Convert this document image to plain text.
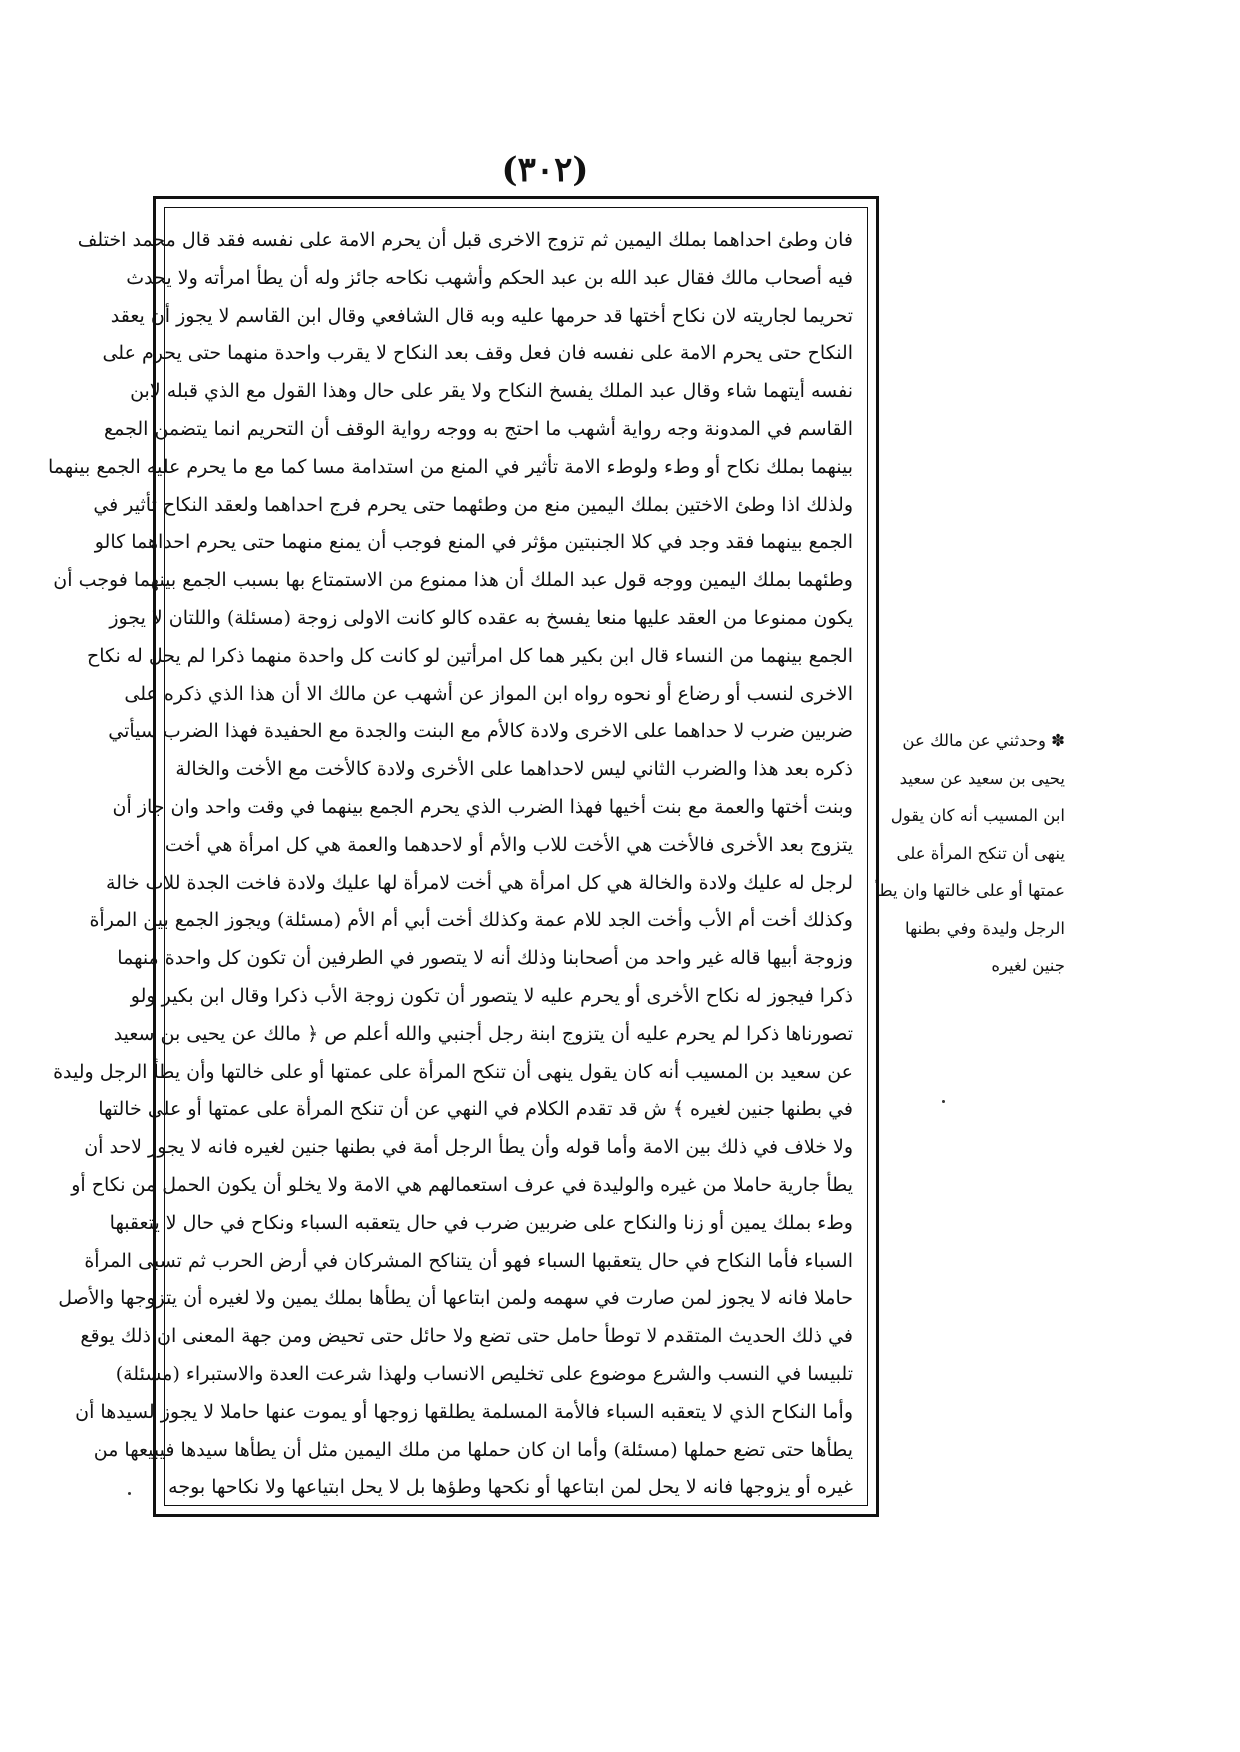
(٣٠٢)
فان وطئ احداهما بملك اليمين ثم تزوج الاخرى قبل أن يحرم الامة على نفسه فقد قال محمد اختلف
فيه أصحاب مالك فقال عبد الله بن عبد الحكم وأشهب نكاحه جائز وله أن يطأ امرأته ولا يحدث
تحريما لجاريته لان نكاح أختها قد حرمها عليه وبه قال الشافعي وقال ابن القاسم لا يجوز أن يعقد
النكاح حتى يحرم الامة على نفسه فان فعل وقف بعد النكاح لا يقرب واحدة منهما حتى يحرم على
نفسه أيتهما شاء وقال عبد الملك يفسخ النكاح ولا يقر على حال وهذا القول مع الذي قبله لابن
القاسم في المدونة وجه رواية أشهب ما احتج به ووجه رواية الوقف أن التحريم انما يتضمن الجمع
بينهما بملك نكاح أو وطء ولوطء الامة تأثير في المنع من استدامة مسا كما مع ما يحرم عليه الجمع بينهما
ولذلك اذا وطئ الاختين بملك اليمين منع من وطئهما حتى يحرم فرج احداهما ولعقد النكاح تأثير في
الجمع بينهما فقد وجد في كلا الجنبتين مؤثر في المنع فوجب أن يمنع منهما حتى يحرم احداهما كالو
وطئهما بملك اليمين ووجه قول عبد الملك أن هذا ممنوع من الاستمتاع بها بسبب الجمع بينهما فوجب أن
يكون ممنوعا من العقد عليها منعا يفسخ به عقده كالو كانت الاولى زوجة (مسئلة) واللتان لا يجوز
الجمع بينهما من النساء قال ابن بكير هما كل امرأتين لو كانت كل واحدة منهما ذكرا لم يحل له نكاح
الاخرى لنسب أو رضاع أو نحوه رواه ابن المواز عن أشهب عن مالك الا أن هذا الذي ذكره على
ضربين ضرب لا حداهما على الاخرى ولادة كالأم مع البنت والجدة مع الحفيدة فهذا الضرب سيأتي
ذكره بعد هذا والضرب الثاني ليس لاحداهما على الأخرى ولادة كالأخت مع الأخت والخالة
وبنت أختها والعمة مع بنت أخيها فهذا الضرب الذي يحرم الجمع بينهما في وقت واحد وان جاز أن
يتزوج بعد الأخرى فالأخت هي الأخت للاب والأم أو لاحدهما والعمة هي كل امرأة هي أخت
لرجل له عليك ولادة والخالة هي كل امرأة هي أخت لامرأة لها عليك ولادة فاخت الجدة للاب خالة
وكذلك أخت أم الأب وأخت الجد للام عمة وكذلك أخت أبي أم الأم (مسئلة) ويجوز الجمع بين المرأة
وزوجة أبيها قاله غير واحد من أصحابنا وذلك أنه لا يتصور في الطرفين أن تكون كل واحدة منهما
ذكرا فيجوز له نكاح الأخرى أو يحرم عليه لا يتصور أن تكون زوجة الأب ذكرا وقال ابن بكير ولو
تصورناها ذكرا لم يحرم عليه أن يتزوج ابنة رجل أجنبي والله أعلم ص ﴿ مالك عن يحيى بن سعيد
عن سعيد بن المسيب أنه كان يقول ينهى أن تنكح المرأة على عمتها أو على خالتها وأن يطأ الرجل وليدة
في بطنها جنين لغيره ﴾ ش قد تقدم الكلام في النهي عن أن تنكح المرأة على عمتها أو على خالتها
ولا خلاف في ذلك بين الامة وأما قوله وأن يطأ الرجل أمة في بطنها جنين لغيره فانه لا يجوز لاحد أن
يطأ جارية حاملا من غيره والوليدة في عرف استعمالهم هي الامة ولا يخلو أن يكون الحمل من نكاح أو
وطء بملك يمين أو زنا والنكاح على ضربين ضرب في حال يتعقبه السباء ونكاح في حال لا يتعقبها
السباء فأما النكاح في حال يتعقبها السباء فهو أن يتناكح المشركان في أرض الحرب ثم تسبى المرأة
حاملا فانه لا يجوز لمن صارت في سهمه ولمن ابتاعها أن يطأها بملك يمين ولا لغيره أن يتزوجها والأصل
في ذلك الحديث المتقدم لا توطأ حامل حتى تضع ولا حائل حتى تحيض ومن جهة المعنى ان ذلك يوقع
تلبيسا في النسب والشرع موضوع على تخليص الانساب ولهذا شرعت العدة والاستبراء (مسئلة)
وأما النكاح الذي لا يتعقبه السباء فالأمة المسلمة يطلقها زوجها أو يموت عنها حاملا لا يجوز لسيدها أن
يطأها حتى تضع حملها (مسئلة) وأما ان كان حملها من ملك اليمين مثل أن يطأها سيدها فيبيعها من
غيره أو يزوجها فانه لا يحل لمن ابتاعها أو نكحها وطؤها بل لا يحل ابتياعها ولا نكاحها بوجه
✽ وحدثني عن مالك عن
يحيى بن سعيد عن سعيد
ابن المسيب أنه كان يقول
ينهى أن تنكح المرأة على
عمتها أو على خالتها وان يطأ
الرجل وليدة وفي بطنها
جنين لغيره
